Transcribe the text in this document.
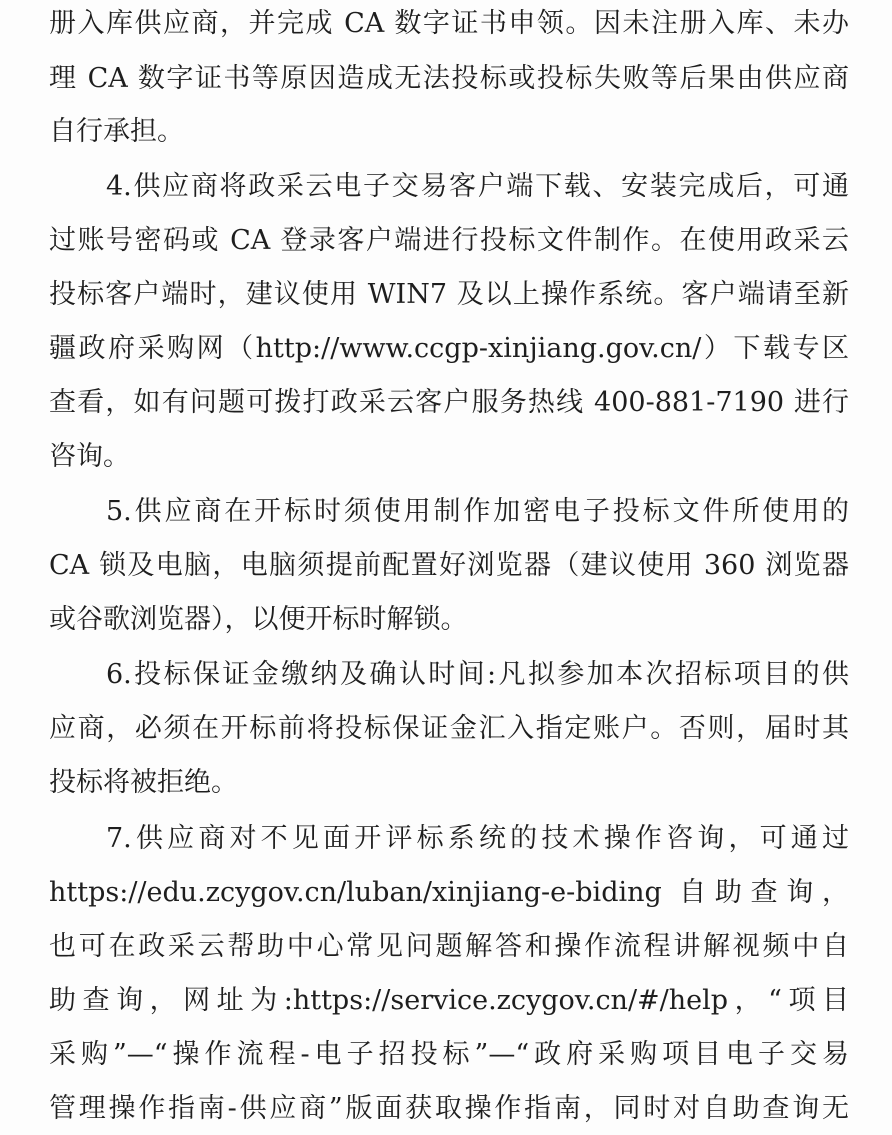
册入库供应商，并完成 CA 数字证书申领。因未注册入库、未办
理 CA 数字证书等原因造成无法投标或投标失败等后果由供应商
自行承担。
4.供应商将政采云电子交易客户端下载、安装完成后，可通
过账号密码或 CA 登录客户端进行投标文件制作。在使用政采云
投标客户端时，建议使用 WIN7 及以上操作系统。客户端请至新
疆政府采购网（http://www.ccgp-xinjiang.gov.cn/）下载专区
查看，如有问题可拨打政采云客户服务热线 400-881-7190 进行
咨询。
5.供应商在开标时须使用制作加密电子投标文件所使用的
CA 锁及电脑，电脑须提前配置好浏览器（建议使用 360 浏览器
或谷歌浏览器），以便开标时解锁。
6.投标保证金缴纳及确认时间:凡拟参加本次招标项目的供
应商，必须在开标前将投标保证金汇入指定账户。否则，届时其
投标将被拒绝。
7.供应商对不见面开评标系统的技术操作咨询，可通过
https://edu.zcygov.cn/luban/xinjiang-e-biding 自助查询，
也可在政采云帮助中心常见问题解答和操作流程讲解视频中自
助查询，网址为:https://service.zcygov.cn/#/help，“项目
采购”—“操作流程-电子招投标”—“政府采购项目电子交易
管理操作指南-供应商”版面获取操作指南，同时对自助查询无
